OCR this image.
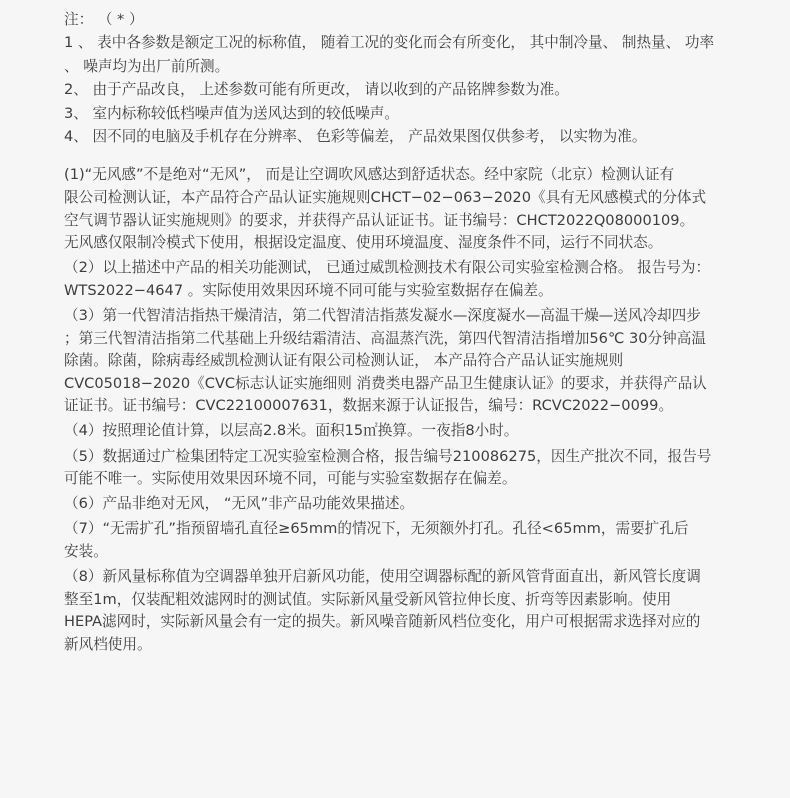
注： （ * ）
1 、 表中各参数是额定工况的标称值， 随着工况的变化而会有所变化， 其中制冷量、 制热量、 功率
、 噪声均为出厂前所测。
2、 由于产品改良， 上述参数可能有所更改， 请以收到的产品铭牌参数为准。
3、 室内标称较低档噪声值为送风达到的较低噪声。
4、 因不同的电脑及手机存在分辨率、 色彩等偏差， 产品效果图仅供参考， 以实物为准。
(1)“无风感”不是绝对“无风”， 而是让空调吹风感达到舒适状态。经中家院（北京）检测认证有
限公司检测认证，本产品符合产品认证实施规则CHCT−02−063−2020《具有无风感模式的分体式
空气调节器认证实施规则》的要求，并获得产品认证证书。证书编号：CHCT2022Q08000109。
无风感仅限制冷模式下使用，根据设定温度、使用环境温度、湿度条件不同，运行不同状态。
（2）以上描述中产品的相关功能测试， 已通过威凯检测技术有限公司实验室检测合格。 报告号为：
WTS2022−4647 。实际使用效果因环境不同可能与实验室数据存在偏差。
（3）第一代智清洁指热干燥清洁，第二代智清洁指蒸发凝水—深度凝水—高温干燥—送风冷却四步
；第三代智清洁指第二代基础上升级结霜清洁、高温蒸汽洗，第四代智清洁指增加56℃ 30分钟高温
除菌。除菌，除病毒经威凯检测认证有限公司检测认证， 本产品符合产品认证实施规则
CVC05018−2020《CVC标志认证实施细则 消费类电器产品卫生健康认证》的要求，并获得产品认
证证书。证书编号：CVC22100007631，数据来源于认证报告，编号：RCVC2022−0099。
（4）按照理论值计算，以层高2.8米。面积15㎡换算。一夜指8小时。
（5）数据通过广检集团特定工况实验室检测合格，报告编号210086275，因生产批次不同，报告号
可能不唯一。实际使用效果因环境不同，可能与实验室数据存在偏差。
（6）产品非绝对无风， “无风”非产品功能效果描述。
（7）“无需扩孔”指预留墙孔直径≥65mm的情况下，无须额外打孔。孔径<65mm，需要扩孔后
安装。
（8）新风量标称值为空调器单独开启新风功能，使用空调器标配的新风管背面直出，新风管长度调
整至1m，仅装配粗效滤网时的测试值。实际新风量受新风管拉伸长度、折弯等因素影响。使用
HEPA滤网时，实际新风量会有一定的损失。新风噪音随新风档位变化，用户可根据需求选择对应的
新风档使用。
